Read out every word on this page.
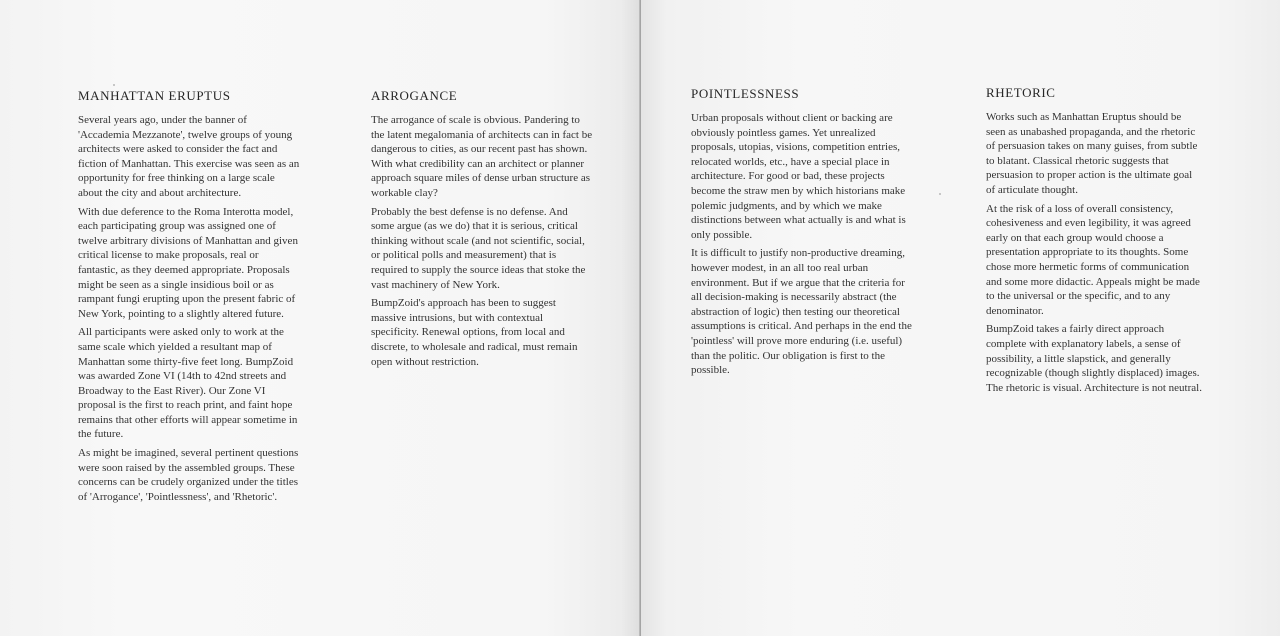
MANHATTAN ERUPTUS

Several years ago, under the banner of 'Accademia Mezzanote', twelve groups of young architects were asked to consider the fact and fiction of Manhattan. This exercise was seen as an opportunity for free thinking on a large scale about the city and about architecture.

With due deference to the Roma Interotta model, each participating group was assigned one of twelve arbitrary divisions of Manhattan and given critical license to make proposals, real or fantastic, as they deemed appropriate. Proposals might be seen as a single insidious boil or as rampant fungi erupting upon the present fabric of New York, pointing to a slightly altered future.

All participants were asked only to work at the same scale which yielded a resultant map of Manhattan some thirty-five feet long. BumpZoid was awarded Zone VI (14th to 42nd streets and Broadway to the East River). Our Zone VI proposal is the first to reach print, and faint hope remains that other efforts will appear sometime in the future.

As might be imagined, several pertinent questions were soon raised by the assembled groups. These concerns can be crudely organized under the titles of 'Arrogance', 'Pointlessness', and 'Rhetoric'.

ARROGANCE

The arrogance of scale is obvious. Pandering to the latent megalomania of architects can in fact be dangerous to cities, as our recent past has shown. With what credibility can an architect or planner approach square miles of dense urban structure as workable clay?

Probably the best defense is no defense. And some argue (as we do) that it is serious, critical thinking without scale (and not scientific, social, or political polls and measurement) that is required to supply the source ideas that stoke the vast machinery of New York.

BumpZoid's approach has been to suggest massive intrusions, but with contextual specificity. Renewal options, from local and discrete, to wholesale and radical, must remain open without restriction.

POINTLESSNESS

Urban proposals without client or backing are obviously pointless games. Yet unrealized proposals, utopias, visions, competition entries, relocated worlds, etc., have a special place in architecture. For good or bad, these projects become the straw men by which historians make polemic judgments, and by which we make distinctions between what actually is and what is only possible.

It is difficult to justify non-productive dreaming, however modest, in an all too real urban environment. But if we argue that the criteria for all decision-making is necessarily abstract (the abstraction of logic) then testing our theoretical assumptions is critical. And perhaps in the end the 'pointless' will prove more enduring (i.e. useful) than the politic. Our obligation is first to the possible.

RHETORIC

Works such as Manhattan Eruptus should be seen as unabashed propaganda, and the rhetoric of persuasion takes on many guises, from subtle to blatant. Classical rhetoric suggests that persuasion to proper action is the ultimate goal of articulate thought.

At the risk of a loss of overall consistency, cohesiveness and even legibility, it was agreed early on that each group would choose a presentation appropriate to its thoughts. Some chose more hermetic forms of communication and some more didactic. Appeals might be made to the universal or the specific, and to any denominator.

BumpZoid takes a fairly direct approach complete with explanatory labels, a sense of possibility, a little slapstick, and generally recognizable (though slightly displaced) images. The rhetoric is visual. Architecture is not neutral.
